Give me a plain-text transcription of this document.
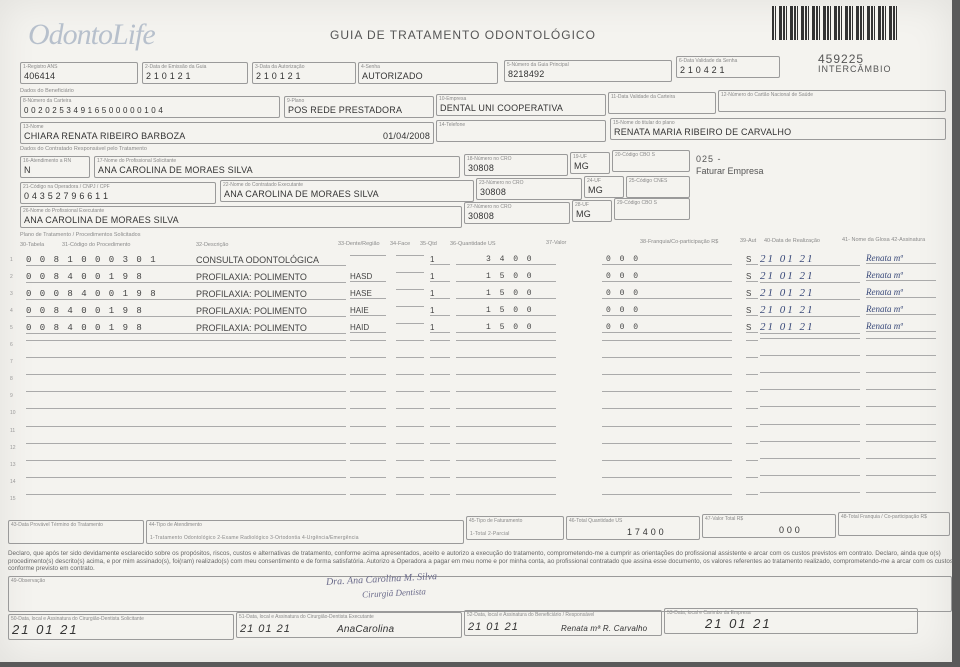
OdontoLife	GUIA DE TRATAMENTO ODONTOLÓGICO
459225
INTERCÂMBIO
1-Registro ANS
406414
2-Data de Emissão da Guia
2 1 0 1 2 1
3-Data da Autorização
2 1 0 1 2 1
4-Senha
AUTORIZADO
5-Número da Guia Principal
8218492
6-Data Validade da Senha
2 1 0 4 2 1
Dados do Beneficiário
8-Número da Carteira
0 0 2 0 2 5 3 4 9 1 6 5 0 0 0 0 0 1 0 4
9-Plano
POS REDE PRESTADORA
10-Empresa
DENTAL UNI COOPERATIVA
11-Data Validade da Carteira	12-Número do Cartão Nacional de Saúde
13-Nome
CHIARA RENATA RIBEIRO BARBOZA	01/04/2008
14-Telefone	15-Nome do titular do plano
RENATA MARIA RIBEIRO DE CARVALHO
Dados do Contratado Responsável pelo Tratamento
16-Atendimento a RN
N
17-Nome do Profissional Solicitante
ANA CAROLINA DE MORAES SILVA
18-Número no CRO
30808
19-UF
MG
20-Código CBO S	025 -
Faturar Empresa
21-Código na Operadora / CNPJ / CPF
0 4 3 5 2 7 9 6 6 1 1
22-Nome do Contratado Executante
ANA CAROLINA DE MORAES SILVA
23-Número no CRO
30808
24-UF
MG
25-Código CNES
26-Nome do Profissional Executante
ANA CAROLINA DE MORAES SILVA
27-Número no CRO
30808
28-UF
MG
29-Código CBO S
Plano de Tratamento / Procedimentos Solicitados
30-Tabela	31-Código do Procedimento	32-Descrição	33-Dente/Região 34-Face 35-Qtd 36-Quantidade US	37-Valor	38-Franquia/Co-participação R$	39-Aut 40-Data de Realização	41- Nome da Glosa 42-Assinatura
1 0 0 8 1 0 0 0 3 0 1	CONSULTA ODONTOLÓGICA	1	3 4 0 0	0 0 0	S 21 01 21	Renata mª
2 0 0 8 4 0 0 1 9 8	PROFILAXIA: POLIMENTO	HASD	1	1 5 0 0	0 0 0	S 21 01 21	Renata mª
3 0 0 0 8 4 0 0 1 9 8	PROFILAXIA: POLIMENTO	HASE	1	1 5 0 0	0 0 0	S 21 01 21	Renata mª
4 0 0 8 4 0 0 1 9 8	PROFILAXIA: POLIMENTO	HAIE	1	1 5 0 0	0 0 0	S 21 01 21	Renata mª
5 0 0 8 4 0 0 1 9 8	PROFILAXIA: POLIMENTO	HAID	1	1 5 0 0	0 0 0	S 21 01 21	Renata mª
6
7
8
9
10
11
12
13
14
15
43-Data Provável Término do Tratamento	44-Tipo de Atendimento
1-Tratamento Odontológico 2-Exame Radiológico 3-Ortodontia 4-Urgência/Emergência
45-Tipo de Faturamento
1-Total 2-Parcial
46-Total Quantidade US
1 7 4 0 0
47-Valor Total R$
0 0 0
48-Total Franquia / Co-participação R$
Declaro, que após ter sido devidamente esclarecido sobre os propósitos, riscos, custos e alternativas de tratamento, conforme acima apresentados, aceito e autorizo a execução do tratamento, comprometendo-me a cumprir as orientações do profissional assistente e arcar com os custos previstos em contrato. Declaro, ainda que o(s) procedimento(s) descrito(s) acima, e por mim assinado(s), foi(ram) realizado(s) com meu consentimento e de forma satisfatória. Autorizo a Operadora a pagar em meu nome e por minha conta, ao profissional contratado que assina esse documento, os valores referentes ao tratamento realizado, comprometendo-me a arcar com os custos conforme previsto em contrato.
49-Observação	Dra. Ana Carolina M. Silva
Cirurgiã Dentista
50-Data, local e Assinatura do Cirurgião-Dentista Solicitante
21 01 21
51-Data, local e Assinatura do Cirurgião-Dentista Executante
21 01 21	AnaCarolina
52-Data, local e Assinatura do Beneficiário / Responsável
21 01 21	Renata mª R. Carvalho
53-Data, local e Carimbo da Empresa
21 01 21
